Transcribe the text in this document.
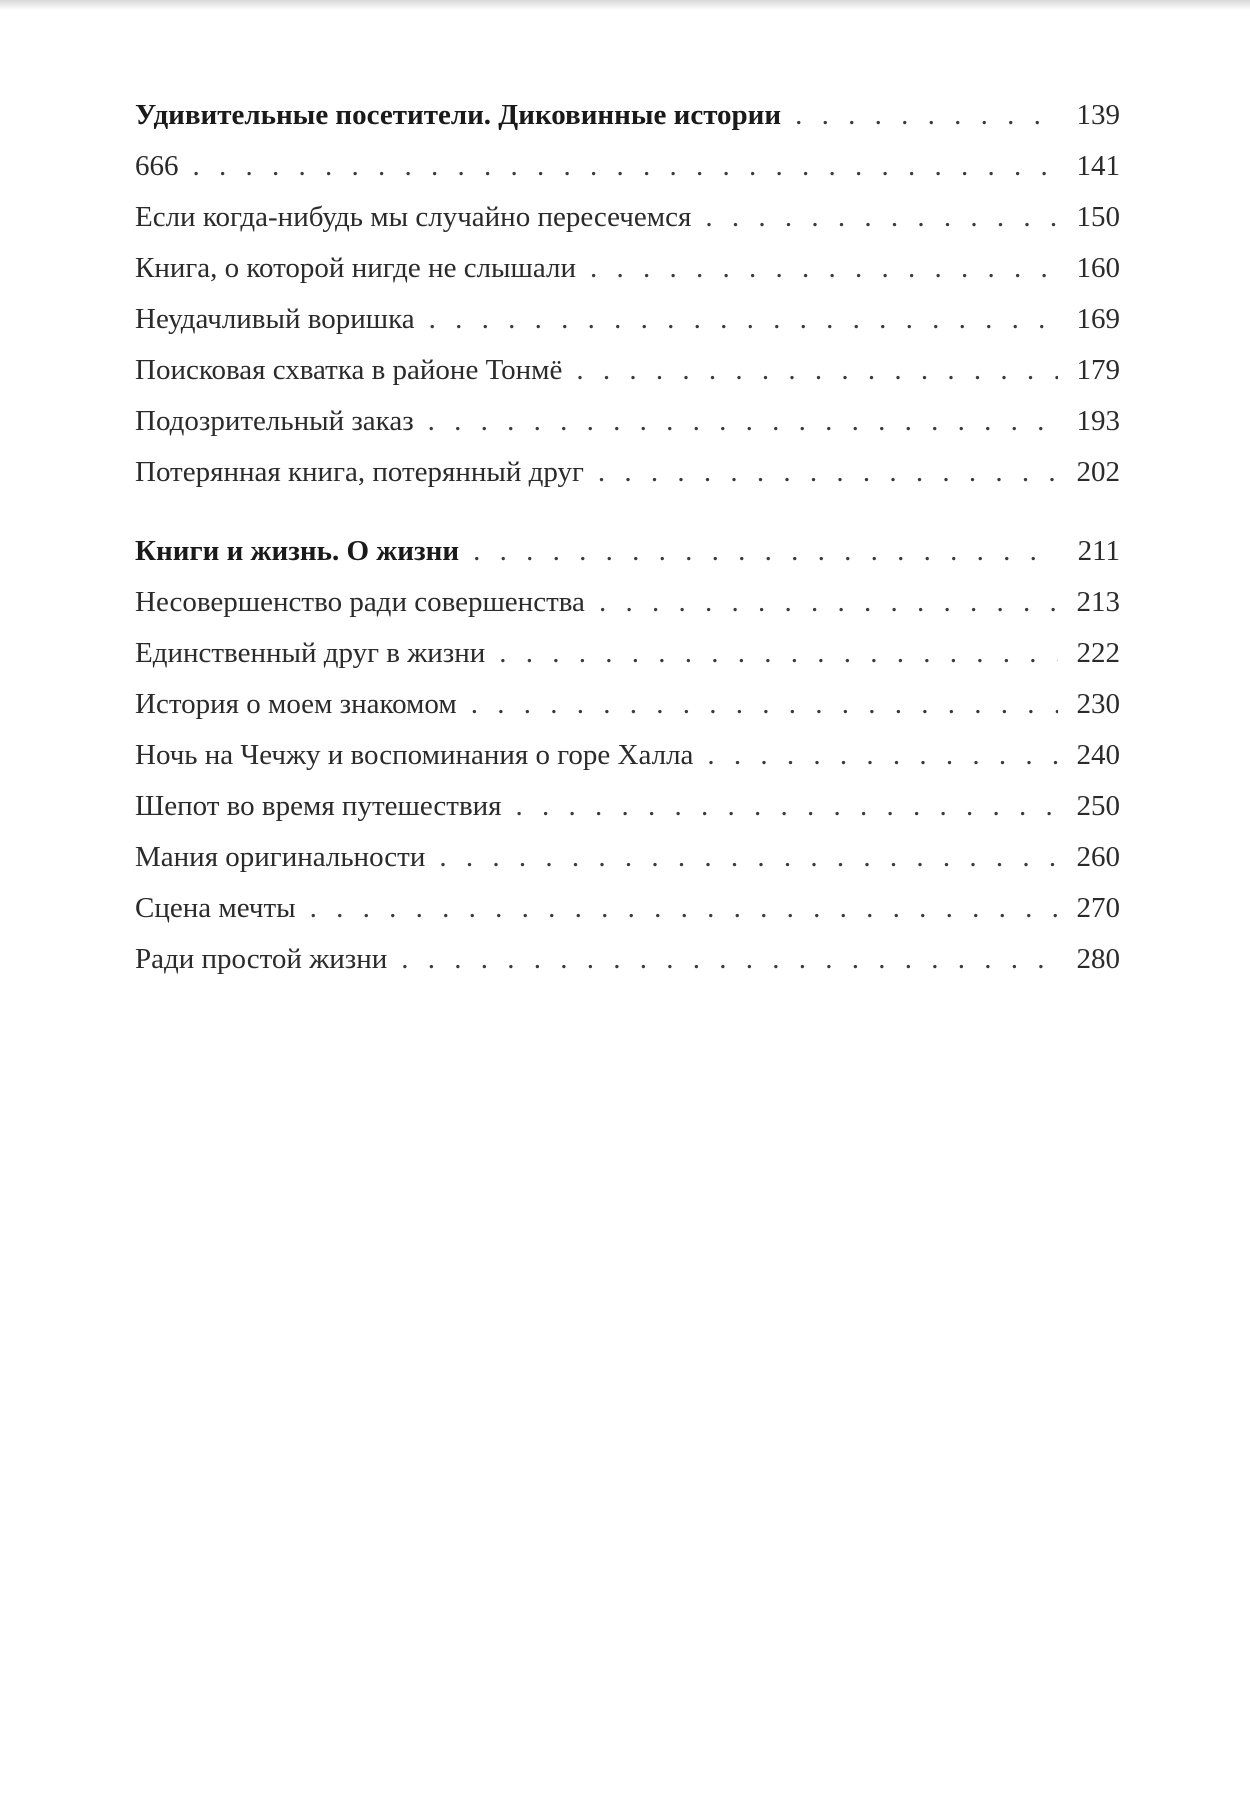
Удивительные посетители. Диковинные истории . . .	139
666 . . .	141
Если когда-нибудь мы случайно пересечемся . . .	150
Книга, о которой нигде не слышали . . .	160
Неудачливый воришка . . .	169
Поисковая схватка в районе Тонмё . . .	179
Подозрительный заказ . . .	193
Потерянная книга, потерянный друг . . .	202
Книги и жизнь. О жизни . . .	211
Несовершенство ради совершенства . . .	213
Единственный друг в жизни . . .	222
История о моем знакомом . . .	230
Ночь на Чечжу и воспоминания о горе Халла . . .	240
Шепот во время путешествия . . .	250
Мания оригинальности . . .	260
Сцена мечты . . .	270
Ради простой жизни . . .	280
